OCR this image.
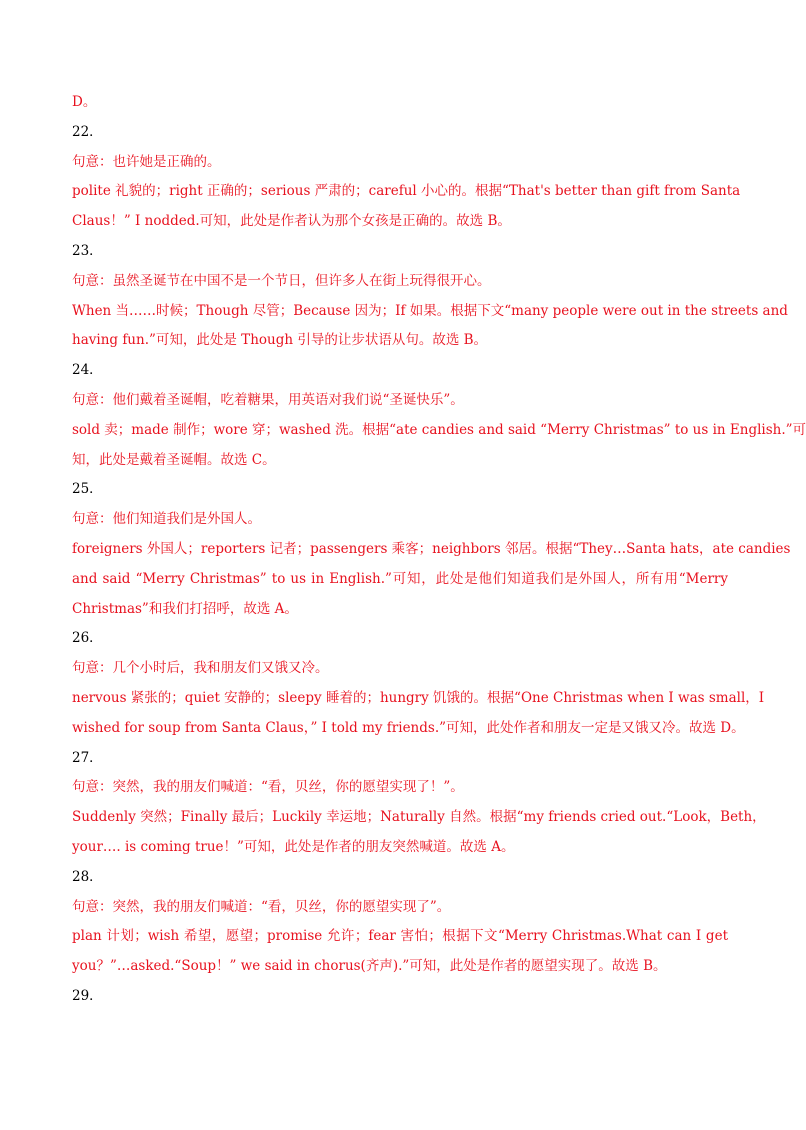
D。
22．
句意：也许她是正确的。
polite 礼貌的；right 正确的；serious 严肃的；careful 小心的。根据“That's better than gift from Santa
Claus！” I nodded.可知，此处是作者认为那个女孩是正确的。故选 B。
23．
句意：虽然圣诞节在中国不是一个节日，但许多人在街上玩得很开心。
When 当……时候；Though 尽管；Because 因为；If 如果。根据下文“many people were out in the streets and
having fun.”可知，此处是 Though 引导的让步状语从句。故选 B。
24．
句意：他们戴着圣诞帽，吃着糖果，用英语对我们说“圣诞快乐”。
sold 卖；made 制作；wore 穿；washed 洗。根据“ate candies and said “Merry Christmas” to us in English.”可
知，此处是戴着圣诞帽。故选 C。
25．
句意：他们知道我们是外国人。
foreigners 外国人；reporters 记者；passengers 乘客；neighbors 邻居。根据“They…Santa hats，ate candies
and said “Merry Christmas” to us in English.”可知，此处是他们知道我们是外国人，所有用“Merry
Christmas”和我们打招呼，故选 A。
26．
句意：几个小时后，我和朋友们又饿又冷。
nervous 紧张的；quiet 安静的；sleepy 睡着的；hungry 饥饿的。根据“One Christmas when I was small，I
wished for soup from Santa Claus，” I told my friends.”可知，此处作者和朋友一定是又饿又冷。故选 D。
27．
句意：突然，我的朋友们喊道：“看，贝丝，你的愿望实现了！”。
Suddenly 突然；Finally 最后；Luckily 幸运地；Naturally 自然。根据“my friends cried out.“Look，Beth，
your…. is coming true！”可知，此处是作者的朋友突然喊道。故选 A。
28．
句意：突然，我的朋友们喊道：“看，贝丝，你的愿望实现了”。
plan 计划；wish 希望，愿望；promise 允许；fear 害怕；根据下文“Merry Christmas.What can I get
you？”…asked.“Soup！” we said in chorus(齐声).”可知，此处是作者的愿望实现了。故选 B。
29．
